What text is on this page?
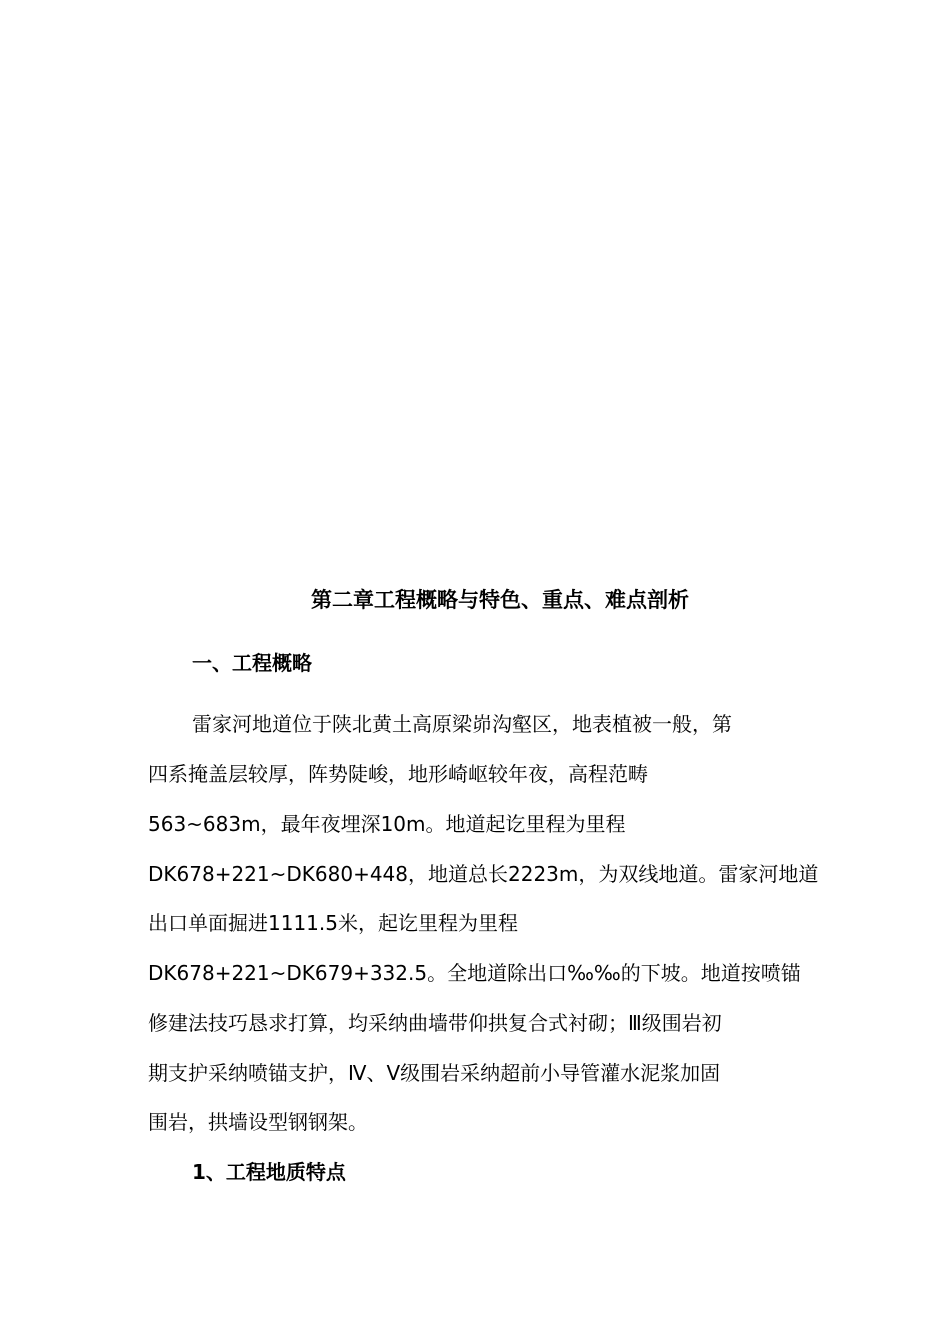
第二章工程概略与特色、重点、难点剖析
一、工程概略
雷家河地道位于陕北黄土高原梁峁沟壑区，地表植被一般，第
四系掩盖层较厚，阵势陡峻，地形崎岖较年夜，高程范畴
563~683m，最年夜埋深10m。地道起讫里程为里程
DK678+221~DK680+448，地道总长2223m，为双线地道。雷家河地道
出口单面掘进1111.5米，起讫里程为里程
DK678+221~DK679+332.5。全地道除出口‰‰的下坡。地道按喷锚
修建法技巧恳求打算，均采纳曲墙带仰拱复合式衬砌；Ⅲ级围岩初
期支护采纳喷锚支护，Ⅳ、Ⅴ级围岩采纳超前小导管灌水泥浆加固
围岩，拱墙设型钢钢架。
1、工程地质特点
